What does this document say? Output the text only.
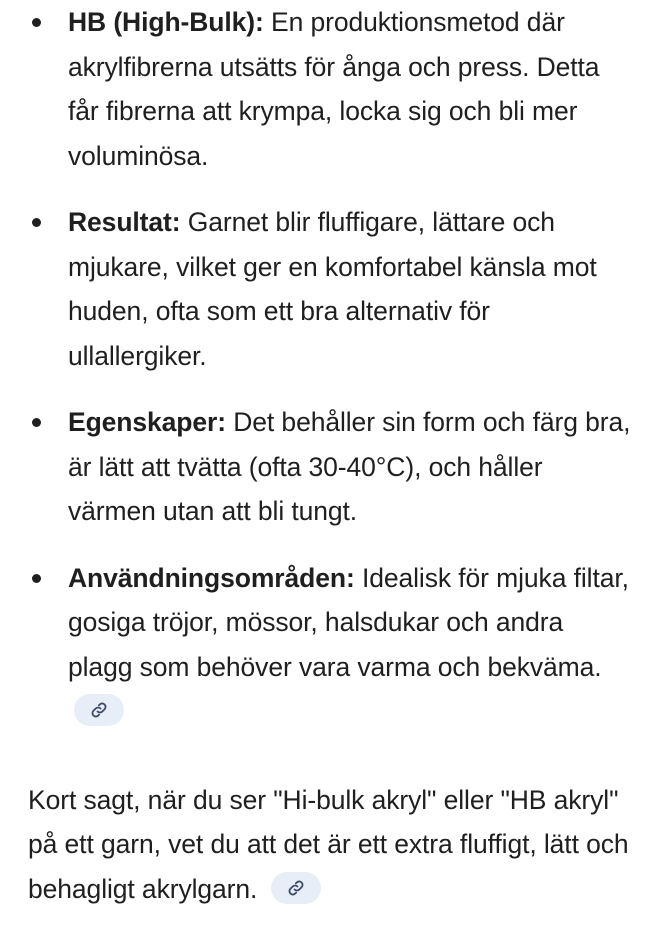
HB (High-Bulk): En produktionsmetod där akrylfibrerna utsätts för ånga och press. Detta får fibrerna att krympa, locka sig och bli mer voluminösa.
Resultat: Garnet blir fluffigare, lättare och mjukare, vilket ger en komfortabel känsla mot huden, ofta som ett bra alternativ för ullallergiker.
Egenskaper: Det behåller sin form och färg bra, är lätt att tvätta (ofta 30-40°C), och håller värmen utan att bli tungt.
Användningsområden: Idealisk för mjuka filtar, gosiga tröjor, mössor, halsdukar och andra plagg som behöver vara varma och bekväma.

Kort sagt, när du ser "Hi-bulk akryl" eller "HB akryl" på ett garn, vet du att det är ett extra fluffigt, lätt och behagligt akrylgarn.
